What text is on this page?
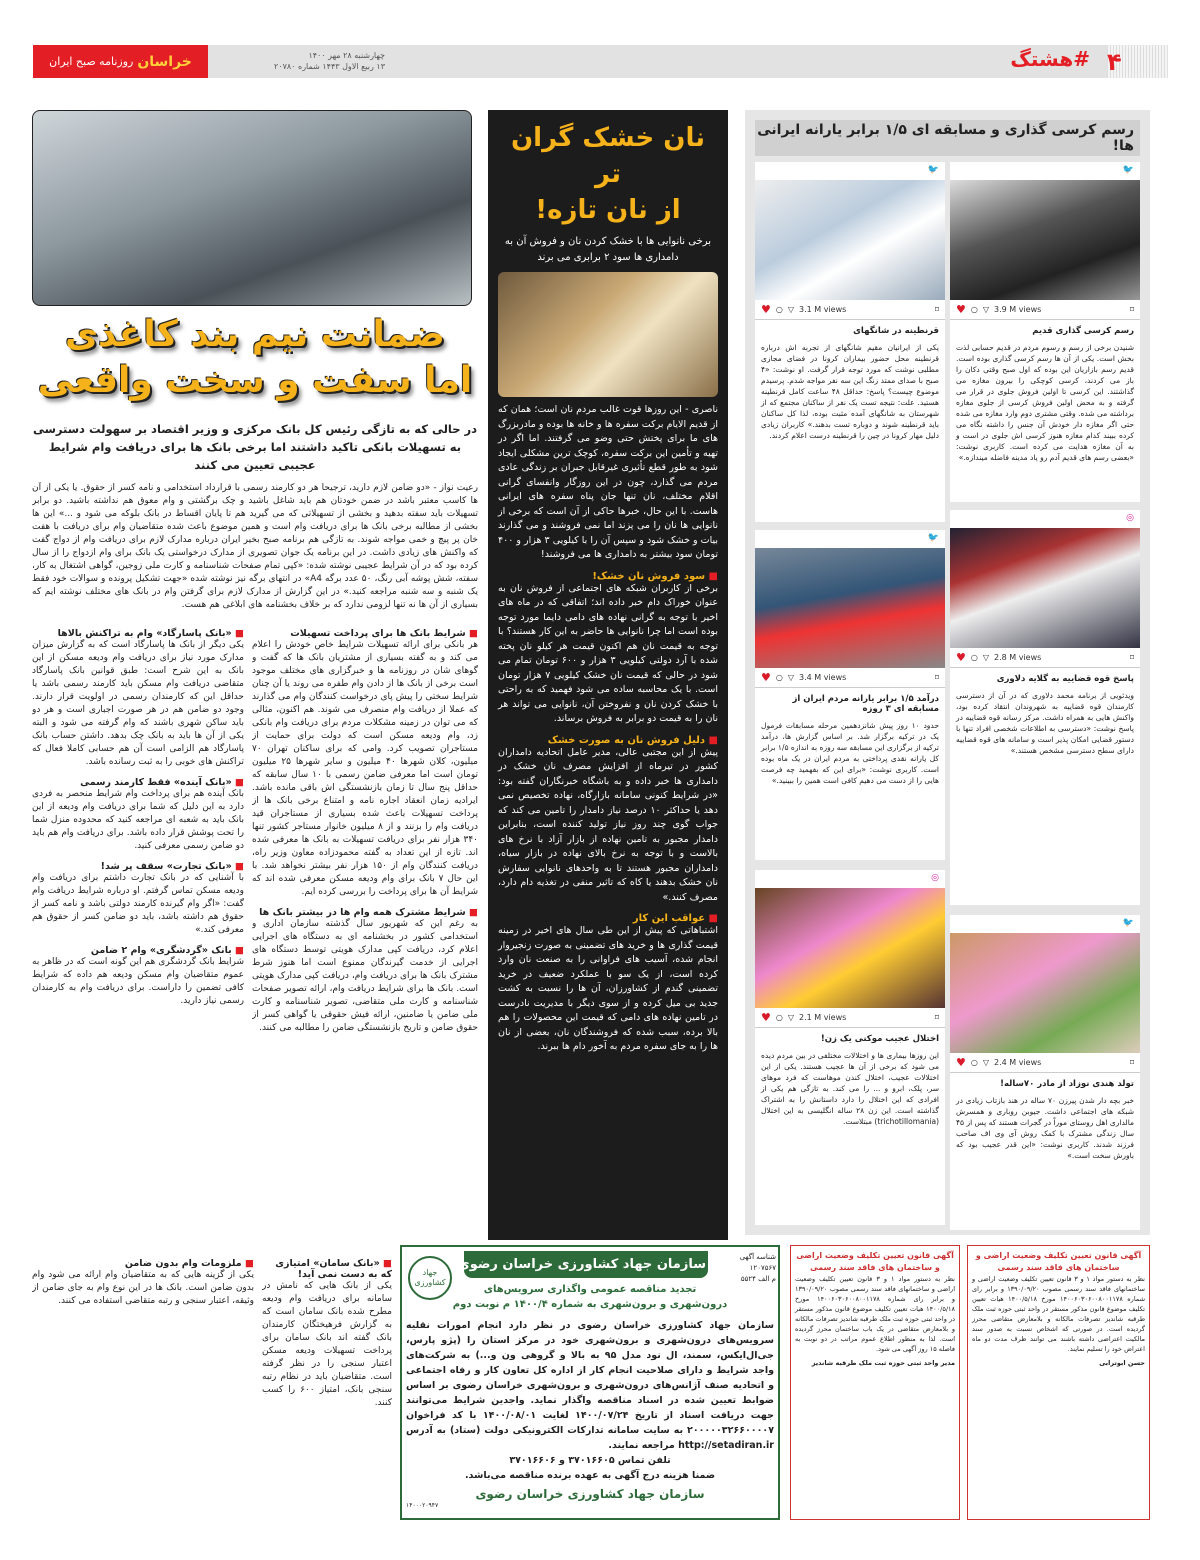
خراسان
روزنامه صبح ایران	چهارشنبه ۲۸ مهر ۱۴۰۰
۱۳ ربیع الاول ۱۴۴۳ شماره ۲۰۷۸۰	۴
#هشتگ
ضمانت نیم بند کاغذی
اما سفت و سخت واقعی
در حالی که به تازگی رئیس کل بانک مرکزی و وزیر اقتصاد بر سهولت دسترسی به تسهیلات بانکی تاکید داشتند اما برخی بانک ها برای دریافت وام شرایط عجیبی تعیین می کنند
رعیت نواز - «دو ضامن لازم دارید، ترجیحا هر دو کارمند رسمی با قرارداد استخدامی و نامه کسر از حقوق. یا یکی از آن ها کاسب معتبر باشد در ضمن خودتان هم باید شاغل باشید و چک برگشتی و وام معوق هم نداشته باشید. دو برابر تسهیلات باید سفته بدهید و بخشی از تسهیلاتی که می گیرید هم تا پایان اقساط در بانک بلوکه می شود و ...» این ها بخشی از مطالبه برخی بانک ها برای دریافت وام است و همین موضوع باعث شده متقاضیان وام برای دریافت با هفت خان پر پیچ و خمی مواجه شوند. به تازگی هم برنامه صبح بخیر ایران درباره مدارک لازم برای دریافت وام از دواج گفت که واکنش های زیادی داشت. در این برنامه یک جوان تصویری از مدارک درخواستی یک بانک برای وام ازدواج را از سال کرده بود که در آن شرایط عجیبی نوشته شده: «کپی تمام صفحات شناسنامه و کارت ملی زوجین، گواهی اشتغال به کار، سفته، شش پوشه آبی رنگ، ۵۰ عدد برگه A4» در انتهای برگه نیز نوشته شده «جهت تشکیل پرونده و سوالات خود فقط یک شنبه و سه شنبه مراجعه کنید.» در این گزارش از مدارک لازم برای گرفتن وام در بانک های مختلف نوشته ایم که بسیاری از آن ها نه تنها لزومی ندارد که بر خلاف بخشنامه های ابلاغی هم هست.
■ شرایط بانک ها برای پرداخت تسهیلات
هر بانکی برای ارائه تسهیلات شرایط خاص خودش را اعلام می کند و به گفته بسیاری از مشتریان بانک ها که گفت و گوهای شان در روزنامه ها و خبرگزاری های مختلف موجود است برخی از بانک ها از دادن وام طفره می روند یا آن چنان شرایط سختی را پیش پای درخواست کنندگان وام می گذارند که عملا از دریافت وام منصرف می شوند. هم اکنون، مثالی که می توان در زمینه مشکلات مردم برای دریافت وام بانکی زد، وام ودیعه مسکن است که دولت برای حمایت از مستاجران تصویب کرد. وامی که برای ساکنان تهران ۷۰ میلیون، کلان شهرها ۴۰ میلیون و سایر شهرها ۲۵ میلیون تومان است اما معرفی ضامن رسمی با ۱۰ سال سابقه که حداقل پنج سال تا زمان بازنشستگی اش باقی مانده باشد. ایرادیه زمان انعقاد اجاره نامه و امتناع برخی بانک ها از پرداخت تسهیلات باعث شده بسیاری از مستاجران قید دریافت وام را بزنند و از ۸ میلیون خانوار مستاجر کشور تنها ۳۴۰ هزار نفر برای دریافت تسهیلات به بانک ها معرفی شده اند. تازه از این تعداد به گفته محمودزاده معاون وزیر راه، دریافت کنندگان وام از ۱۵۰ هزار نفر بیشتر نخواهد شد. با این حال ۷ بانک برای وام ودیعه مسکن معرفی شده اند که شرایط آن ها برای پرداخت را بررسی کرده ایم.
■ شرایط مشترک همه وام ها در بیشتر بانک ها
به رغم این که شهریور سال گذشته سازمان اداری و استخدامی کشور در بخشنامه ای به دستگاه های اجرایی اعلام کرد، دریافت کپی مدارک هویتی توسط دستگاه های اجرایی از خدمت گیرندگان ممنوع است اما هنوز شرط مشترک بانک ها برای دریافت وام، دریافت کپی مدارک هویتی است. بانک ها برای شرایط دریافت وام، ارائه تصویر صفحات شناسنامه و کارت ملی متقاضی، تصویر شناسنامه و کارت ملی ضامن یا ضامنین، ارائه فیش حقوقی یا گواهی کسر از حقوق ضامن و تاریخ بازنشستگی ضامن را مطالبه می کنند.
■ «بانک پاسارگاد» وام به تراکنش بالاها
یکی دیگر از بانک ها پاسارگاد است که به گزارش میزان مدارک مورد نیاز برای دریافت وام ودیعه مسکن از این بانک به این شرح است: طبق قوانین بانک پاسارگاد متقاضی دریافت وام مسکن باید کارمند رسمی باشد یا حداقل این که کارمندان رسمی در اولویت قرار دارند. وجود دو ضامن هم در هر صورت اجباری است و هر دو باید ساکن شهری باشند که وام گرفته می شود و البته یکی از آن ها باید به بانک چک بدهد. داشتن حساب بانک پاسارگاد هم الزامی است آن هم حسابی کاملا فعال که تراکنش های خوبی را به ثبت رسانده باشد.
■ «بانک آینده» فقط کارمند رسمی
بانک آینده هم برای پرداخت وام شرایط منحصر به فردی دارد به این دلیل که شما برای دریافت وام ودیعه از این بانک باید به شعبه ای مراجعه کنید که محدوده منزل شما را تحت پوشش قرار داده باشد. برای دریافت وام هم باید دو ضامن رسمی معرفی کنید.
■ «بانک تجارت» سقف پر شد!
با آشنایی که در بانک تجارت داشتم برای دریافت وام ودیعه مسکن تماس گرفتم. او درباره شرایط دریافت وام گفت: «اگر وام گیرنده کارمند دولتی باشد و نامه کسر از حقوق هم داشته باشد، باید دو ضامن کسر از حقوق هم معرفی کند.»
■ بانک «گردشگری» وام ۲ ضامن
شرایط بانک گردشگری هم این گونه است که در ظاهر به عموم متقاضیان وام مسکن ودیعه هم داده که شرایط کافی تضمین را داراست. برای دریافت وام به کارمندان رسمی نیاز دارید.
■ «بانک سامان» امتیازی که به دست نمی آید!
یکی از بانک هایی که نامش در سامانه برای دریافت وام ودیعه مطرح شده بانک سامان است که به گزارش فرهیختگان کارمندان بانک گفته اند بانک سامان برای پرداخت تسهیلات ودیعه مسکن اعتبار سنجی را در نظر گرفته است. متقاضیان باید در نظام رتبه سنجی بانک، امتیاز ۶۰۰ را کسب کنند.
■ ملزومات وام بدون ضامن
یکی از گزینه هایی که به متقاضیان وام ارائه می شود وام بدون ضامن است. بانک ها در این نوع وام به جای ضامن از وثیقه، اعتبار سنجی و رتبه متقاضی استفاده می کنند.
نان خشک گران تر
از نان تازه!
برخی نانوایی ها با خشک کردن نان و فروش آن به دامداری ها سود ۲ برابری می برند
ناصری - این روزها قوت غالب مردم نان است؛ همان که از قدیم الایام برکت سفره ها و خانه ها بوده و مادربزرگ های ما برای پختش حتی وضو می گرفتند. اما اگر در تهیه و تأمین این برکت سفره، کوچک ترین مشکلی ایجاد شود به طور قطع تأثیری غیرقابل جبران بر زندگی عادی مردم می گذارد، چون در این روزگار وانفسای گرانی اقلام مختلف، نان تنها جان پناه سفره های ایرانی هاست. با این حال، خبرها حاکی از آن است که برخی از نانوایی ها نان را می پزند اما نمی فروشند و می گذارند بیات و خشک شود و سپس آن را با کیلویی ۳ هزار و ۴۰۰ تومان سود بیشتر به دامداری ها می فروشند!
■ سود فروش نان خشک!
برخی از کاربران شبکه های اجتماعی از فروش نان به عنوان خوراک دام خبر داده اند؛ اتفاقی که در ماه های اخیر با توجه به گرانی نهاده های دامی دایما مورد توجه بوده است اما چرا نانوایی ها حاضر به این کار هستند؟ با توجه به قیمت نان هم اکنون قیمت هر کیلو نان پخته شده با آرد دولتی کیلویی ۳ هزار و ۶۰۰ تومان تمام می شود در حالی که قیمت نان خشک کیلویی ۷ هزار تومان است. با یک محاسبه ساده می شود فهمید که به راحتی با خشک کردن نان و نفروختن آن، نانوایی می تواند هر نان را به قیمت دو برابر به فروش برساند.
■ دلیل فروش نان به صورت خشک
پیش از این مجتبی عالی، مدیر عامل اتحادیه دامداران کشور در تیرماه از افزایش مصرف نان خشک در دامداری ها خبر داده و به باشگاه خبرنگاران گفته بود: «در شرایط کنونی سامانه بازارگاه، نهاده تخصیص نمی دهد یا حداکثر ۱۰ درصد نیاز دامدار را تامین می کند که جواب گوی چند روز نیاز تولید کننده است، بنابراین دامدار مجبور به تامین نهاده از بازار آزاد با نرخ های بالاست و با توجه به نرخ بالای نهاده در بازار سیاه، دامداران مجبور هستند تا به واحدهای نانوایی سفارش نان خشک بدهند یا کاه که تاثیر منفی در تغذیه دام دارد، مصرف کنند.»
■ عواقب این کار
اشتباهاتی که پیش از این طی سال های اخیر در زمینه قیمت گذاری ها و خرید های تضمینی به صورت زنجیروار انجام شده، آسیب های فراوانی را به صنعت نان وارد کرده است، از یک سو با عملکرد ضعیف در خرید تضمینی گندم از کشاورزان، آن ها را نسبت به کشت جدید بی میل کرده و از سوی دیگر با مدیریت نادرست در تامین نهاده های دامی که قیمت این محصولات را هم بالا برده، سبب شده که فروشندگان نان، بعضی از نان ها را به جای سفره مردم به آخور دام ها ببرند.
رسم کرسی گذاری و مسابقه ای ۱/۵ برابر یارانه ایرانی ها!
🐦
♥ ○ ▽ 3.9 M views	⌑
رسم کرسی گذاری قدیم
شنیدن برخی از رسم و رسوم مردم در قدیم حسابی لذت بخش است. یکی از آن ها رسم کرسی گذاری بوده است. قدیم رسم بازاریان این بوده که اول صبح وقتی دکان را باز می کردند، کرسی کوچکی را بیرون مغازه می گذاشتند. این کرسی تا اولین فروش جلوی در قرار می گرفته و به محض اولین فروش کرسی از جلوی مغازه برداشته می شده. وقتی مشتری دوم وارد مغازه می شده حتی اگر مغازه دار خودش آن جنس را داشته نگاه می کرده ببیند کدام مغازه هنوز کرسی اش جلوی در است و به آن مغازه هدایت می کرده است. کاربری نوشت: «بعضی رسم های قدیم آدم رو یاد مدینه فاضله میندازه.»
🐦
♥ ○ ▽ 3.1 M views	⌑
قرنطینه در شانگهای
یکی از ایرانیان مقیم شانگهای از تجربه اش درباره قرنطینه محل حضور بیماران کرونا در فضای مجازی مطلبی نوشت که مورد توجه قرار گرفت. او نوشت: «۴ صبح با صدای ممتد زنگ این سه نفر مواجه شدم. پرسیدم موضوع چیست؟ پاسخ: حداقل ۴۸ ساعت کامل قرنطینه هستید. علت: نتیجه تست یک نفر از ساکنان مجتمع که از شهرستان به شانگهای آمده مثبت بوده، لذا کل ساکنان باید قرنطینه شوند و دوباره تست بدهند.» کاربران زیادی دلیل مهار کرونا در چین را قرنطینه درست اعلام کردند.
◎
♥ ○ ▽ 2.8 M views	⌑
پاسخ قوه قضاییه به گلایه دلاوری
ویدئویی از برنامه محمد دلاوری که در آن از دسترسی کارمندان قوه قضاییه به شهروندان انتقاد کرده بود، واکنش هایی به همراه داشت. مرکز رسانه قوه قضاییه در پاسخ نوشت: «دسترسی به اطلاعات شخصی افراد تنها با دستور قضایی امکان پذیر است و سامانه های قوه قضاییه دارای سطح دسترسی مشخص هستند.»
🐦
♥ ○ ▽ 3.4 M views	⌑
درآمد ۱/۵ برابر یارانه مردم ایران از مسابقه ای ۳ روزه
حدود ۱۰ روز پیش شانزدهمین مرحله مسابقات فرمول یک در ترکیه برگزار شد. بر اساس گزارش ها، درآمد ترکیه از برگزاری این مسابقه سه روزه به اندازه ۱/۵ برابر کل یارانه نقدی پرداختی به مردم ایران در یک ماه بوده است. کاربری نوشت: «برای این که بفهمید چه فرصت هایی را از دست می دهیم کافی است همین را ببینید.»
🐦
♥ ○ ▽ 2.4 M views	⌑
تولد هندی نوزاد از مادر ۷۰ساله!
خبر بچه دار شدن پیرزن ۷۰ ساله در هند بازتاب زیادی در شبکه های اجتماعی داشت. جیوبن روباری و همسرش مالداری اهل روستای موراً در گجرات هستند که پس از ۴۵ سال زندگی مشترک با کمک روش آی وی اف صاحب فرزند شدند. کاربری نوشت: «این قدر عجیب بود که باورش سخت است.»
◎
♥ ○ ▽ 2.1 M views	⌑
اختلال عجیب موکنی یک زن!
این روزها بیماری ها و اختلالات مختلفی در بین مردم دیده می شود که برخی از آن ها عجیب هستند. یکی از این اختلالات عجیب، اختلال کندن موهاست که فرد موهای سر، پلک، ابرو و ... را می کند. به تازگی هم یکی از افرادی که این اختلال را دارد داستانش را به اشتراک گذاشته است. این زن ۲۸ ساله انگلیسی به این اختلال (trichotillomania) مبتلاست.
سازمان جهاد کشاورزی خراسان رضوی
تجدید مناقصه عمومی واگذاری سرویس‌های
درون‌شهری و برون‌شهری به شماره ۱۴۰۰/۴ م نوبت دوم
سازمان جهاد کشاورزی خراسان رضوی در نظر دارد انجام امورات نقلیه سرویس‌های درون‌شهری و برون‌شهری خود در مرکز استان را (پژو پارس، جی‌ال‌ایکس، سمند، ال نود مدل ۹۵ به بالا و گروهی ون و...) به شرکت‌های واجد شرایط و دارای صلاحیت انجام کار از اداره کل تعاون کار و رفاه اجتماعی و اتحادیه صنف آژانس‌های درون‌شهری و برون‌شهری خراسان رضوی بر اساس ضوابط تعیین شده در اسناد مناقصه واگذار نماید. واجدین شرایط می‌توانند جهت دریافت اسناد از تاریخ ۱۴۰۰/۰۷/۲۴ لغایت ۱۴۰۰/۰۸/۰۱ با کد فراخوان ۲۰۰۰۰۰۳۲۶۶۰۰۰۰۷ به سایت سامانه تدارکات الکترونیکی دولت (ستاد) به آدرس http://setadiran.ir مراجعه نمایند.
تلفن تماس ۳۷۰۱۶۶۰۵ و ۳۷۰۱۶۶۰۶
ضمنا هزینه درج آگهی به عهده برنده مناقصه می‌باشد.
سازمان جهاد کشاورزی خراسان رضوی
۱۴۰۰۰۲۰۹۴۷
شناسه آگهی
۱۲۰۷۵۶۷
م الف ۵۵۲۴
جهاد کشاورزی
آگهی قانون تعیین تکلیف وضعیت اراضی و ساختمان های فاقد سند رسمی
نظر به دستور مواد ۱ و ۳ قانون تعیین تکلیف وضعیت اراضی و ساختمانهای فاقد سند رسمی مصوب ۱۳۹۰/۰۹/۲۰ و برابر رای شماره ۱۴۰۰۶۰۳۰۶۰۰۸۰۰۱۱۷۸ مورخ ۱۴۰۰/۵/۱۸ هیات تعیین تکلیف موضوع قانون مذکور مستقر در واحد ثبتی حوزه ثبت ملک طرقبه شاندیز تصرفات مالکانه و بلامعارض متقاضی در یک باب ساختمان محرز گردیده است. لذا به منظور اطلاع عموم مراتب در دو نوبت به فاصله ۱۵ روز آگهی می شود.
مدیر واحد ثبتی حوزه ثبت ملک طرقبه شاندیز
آگهی قانون تعیین تکلیف وضعیت اراضی و ساختمان های فاقد سند رسمی
نظر به دستور مواد ۱ و ۳ قانون تعیین تکلیف وضعیت اراضی و ساختمانهای فاقد سند رسمی مصوب ۱۳۹۰/۰۹/۲۰ و برابر رای شماره ۱۴۰۰۶۰۳۰۶۰۰۸۰۰۱۱۷۸ مورخ ۱۴۰۰/۵/۱۸ هیات تعیین تکلیف موضوع قانون مذکور مستقر در واحد ثبتی حوزه ثبت ملک طرقبه شاندیز تصرفات مالکانه و بلامعارض متقاضی محرز گردیده است. در صورتی که اشخاص نسبت به صدور سند مالکیت اعتراضی داشته باشند می توانند ظرف مدت دو ماه اعتراض خود را تسلیم نمایند.
حسن ابوترابی
